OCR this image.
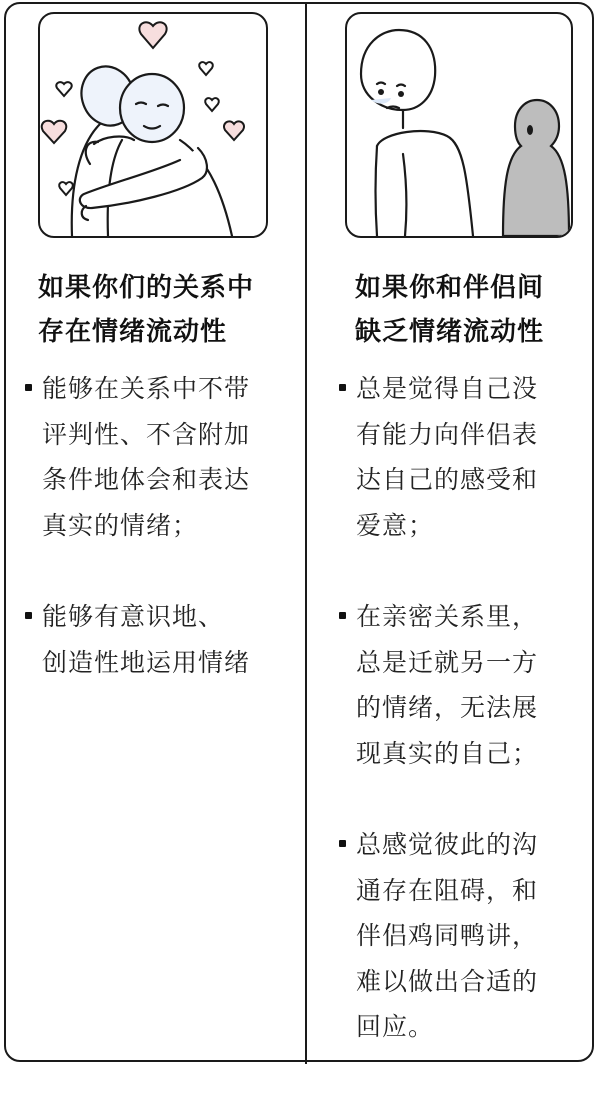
如果你们的关系中
存在情绪流动性
能够在关系中不带
评判性、不含附加
条件地体会和表达
真实的情绪；
能够有意识地、
创造性地运用情绪
如果你和伴侣间
缺乏情绪流动性
总是觉得自己没
有能力向伴侣表
达自己的感受和
爱意；
在亲密关系里，
总是迁就另一方
的情绪，无法展
现真实的自己；
总感觉彼此的沟
通存在阻碍，和
伴侣鸡同鸭讲，
难以做出合适的
回应。
